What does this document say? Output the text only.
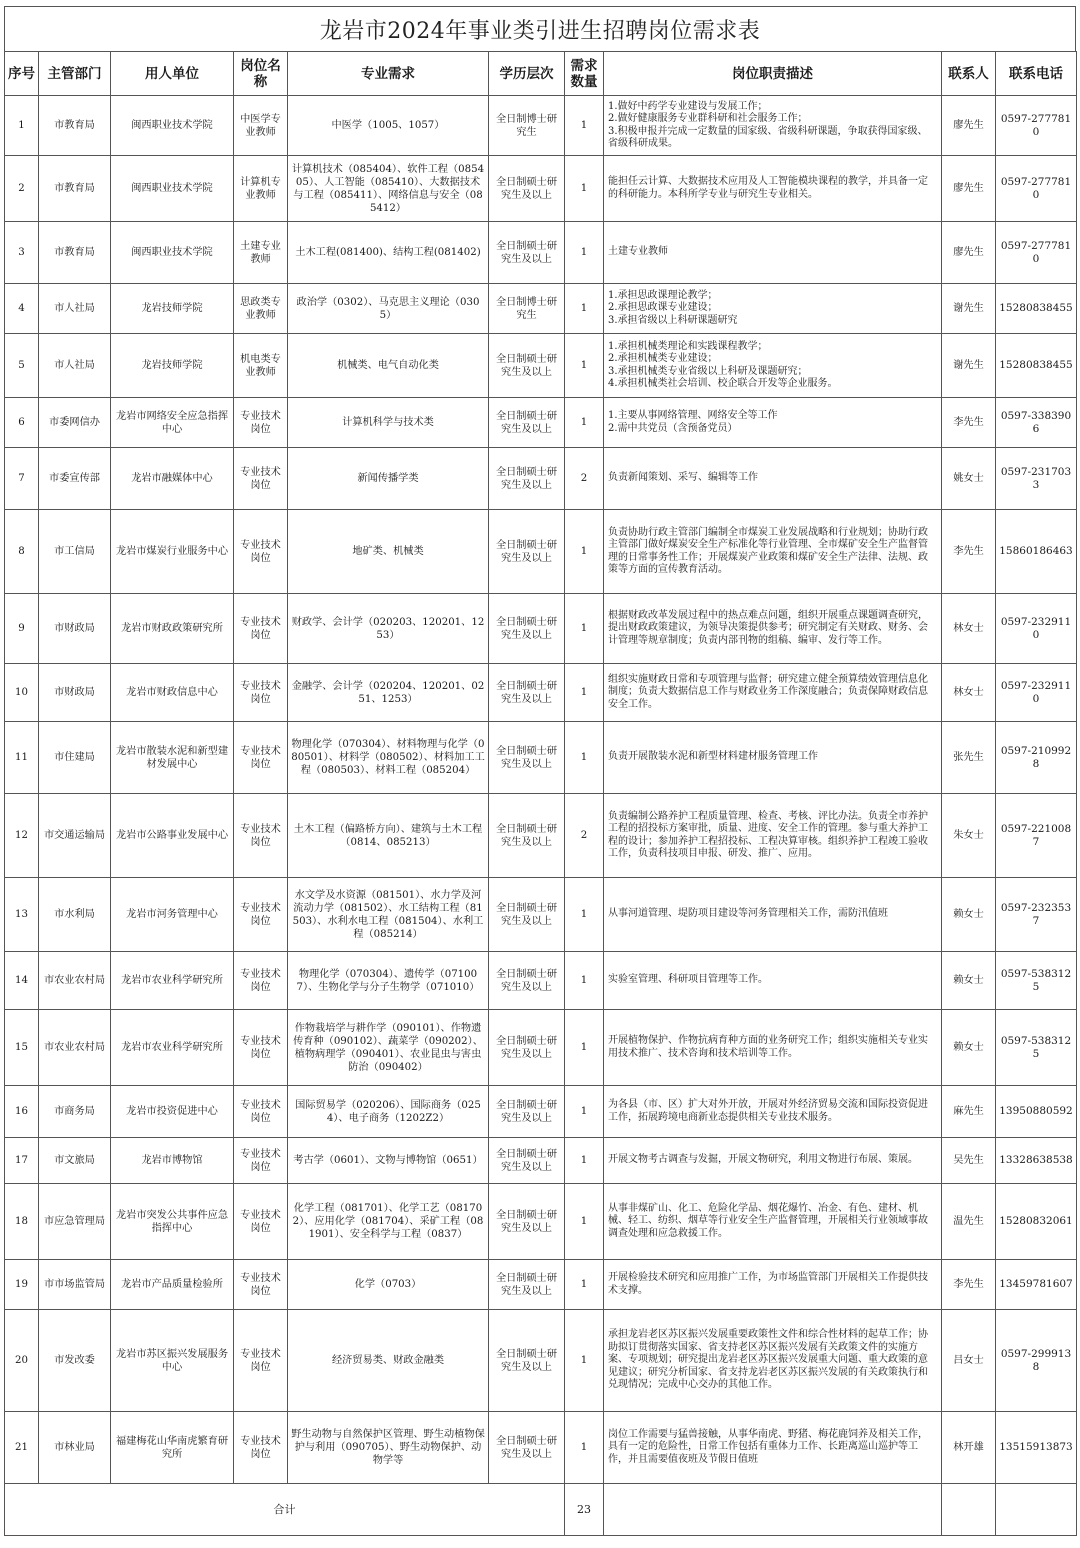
龙岩市2024年事业类引进生招聘岗位需求表
序号	主管部门	用人单位	岗位名称	专业需求	学历层次	需求数量	岗位职责描述	联系人	联系电话
1	市教育局	闽西职业技术学院	中医学专业教师	中医学（1005、1057）	全日制博士研究生	1	1.做好中药学专业建设与发展工作；
2.做好健康服务专业群科研和社会服务工作；
3.积极申报并完成一定数量的国家级、省级科研课题，争取获得国家级、省级科研成果。	廖先生	0597-2777810
2	市教育局	闽西职业技术学院	计算机专业教师	计算机技术（085404）、软件工程（085405）、人工智能（085410）、大数据技术与工程（085411）、网络信息与安全（085412）	全日制硕士研究生及以上	1	能担任云计算、大数据技术应用及人工智能模块课程的教学，并具备一定的科研能力。本科所学专业与研究生专业相关。	廖先生	0597-2777810
3	市教育局	闽西职业技术学院	土建专业教师	土木工程(081400)、结构工程(081402)	全日制硕士研究生及以上	1	土建专业教师	廖先生	0597-2777810
4	市人社局	龙岩技师学院	思政类专业教师	政治学（0302）、马克思主义理论（0305）	全日制博士研究生	1	1.承担思政课理论教学；
2.承担思政课专业建设；
3.承担省级以上科研课题研究	谢先生	15280838455
5	市人社局	龙岩技师学院	机电类专业教师	机械类、电气自动化类	全日制硕士研究生及以上	1	1.承担机械类理论和实践课程教学；
2.承担机械类专业建设；
3.承担机械类专业省级以上科研及课题研究；
4.承担机械类社会培训、校企联合开发等企业服务。	谢先生	15280838455
6	市委网信办	龙岩市网络安全应急指挥中心	专业技术岗位	计算机科学与技术类	全日制硕士研究生及以上	1	1.主要从事网络管理、网络安全等工作
2.需中共党员（含预备党员）	李先生	0597-3383906
7	市委宣传部	龙岩市融媒体中心	专业技术岗位	新闻传播学类	全日制硕士研究生及以上	2	负责新闻策划、采写、编辑等工作	姚女士	0597-2317033
8	市工信局	龙岩市煤炭行业服务中心	专业技术岗位	地矿类、机械类	全日制硕士研究生及以上	1	负责协助行政主管部门编制全市煤炭工业发展战略和行业规划；协助行政主管部门做好煤炭安全生产标准化等行业管理、全市煤矿安全生产监督管理的日常事务性工作；开展煤炭产业政策和煤矿安全生产法律、法规、政策等方面的宣传教育活动。	李先生	15860186463
9	市财政局	龙岩市财政政策研究所	专业技术岗位	财政学、会计学（020203、120201、1253）	全日制硕士研究生及以上	1	根据财政改革发展过程中的热点难点问题，组织开展重点课题调查研究，提出财政政策建议，为领导决策提供参考；研究制定有关财政、财务、会计管理等规章制度；负责内部刊物的组稿、编审、发行等工作。	林女士	0597-2329110
10	市财政局	龙岩市财政信息中心	专业技术岗位	金融学、会计学（020204、120201、0251、1253）	全日制硕士研究生及以上	1	组织实施财政日常和专项管理与监督；研究建立健全预算绩效管理信息化制度；负责大数据信息工作与财政业务工作深度融合；负责保障财政信息安全工作。	林女士	0597-2329110
11	市住建局	龙岩市散装水泥和新型建材发展中心	专业技术岗位	物理化学（070304）、材料物理与化学（080501）、材料学（080502）、材料加工工程（080503）、材料工程（085204）	全日制硕士研究生及以上	1	负责开展散装水泥和新型材料建材服务管理工作	张先生	0597-2109928
12	市交通运输局	龙岩市公路事业发展中心	专业技术岗位	土木工程（偏路桥方向）、建筑与土木工程（0814、085213）	全日制硕士研究生及以上	2	负责编制公路养护工程质量管理、检查、考核、评比办法。负责全市养护工程的招投标方案审批，质量、进度、安全工作的管理。参与重大养护工程的设计；参加养护工程招投标、工程决算审核。组织养护工程竣工验收工作，负责科技项目申报、研发、推广、应用。	朱女士	0597-2210087
13	市水利局	龙岩市河务管理中心	专业技术岗位	水文学及水资源（081501）、水力学及河流动力学（081502）、水工结构工程（81503）、水利水电工程（081504）、水利工程（085214）	全日制硕士研究生及以上	1	从事河道管理、堤防项目建设等河务管理相关工作，需防汛值班	赖女士	0597-2323537
14	市农业农村局	龙岩市农业科学研究所	专业技术岗位	物理化学（070304）、遗传学（071007）、生物化学与分子生物学（071010）	全日制硕士研究生及以上	1	实验室管理、科研项目管理等工作。	赖女士	0597-5383125
15	市农业农村局	龙岩市农业科学研究所	专业技术岗位	作物栽培学与耕作学（090101）、作物遗传育种（090102）、蔬菜学（090202）、植物病理学（090401）、农业昆虫与害虫防治（090402）	全日制硕士研究生及以上	1	开展植物保护、作物抗病育种方面的业务研究工作；组织实施相关专业实用技术推广、技术咨询和技术培训等工作。	赖女士	0597-5383125
16	市商务局	龙岩市投资促进中心	专业技术岗位	国际贸易学（020206）、国际商务（0254）、电子商务（1202Z2）	全日制硕士研究生及以上	1	为各县（市、区）扩大对外开放，开展对外经济贸易交流和国际投资促进工作，拓展跨境电商新业态提供相关专业技术服务。	麻先生	13950880592
17	市文旅局	龙岩市博物馆	专业技术岗位	考古学（0601）、文物与博物馆（0651）	全日制硕士研究生及以上	1	开展文物考古调查与发掘，开展文物研究，利用文物进行布展、策展。	吴先生	13328638538
18	市应急管理局	龙岩市突发公共事件应急指挥中心	专业技术岗位	化学工程（081701）、化学工艺（081702）、应用化学（081704）、采矿工程（081901）、安全科学与工程（0837）	全日制硕士研究生及以上	1	从事非煤矿山、化工、危险化学品、烟花爆竹、冶金、有色、建材、机械、轻工、纺织、烟草等行业安全生产监督管理，开展相关行业领域事故调查处理和应急救援工作。	温先生	15280832061
19	市市场监管局	龙岩市产品质量检验所	专业技术岗位	化学（0703）	全日制硕士研究生及以上	1	开展检验技术研究和应用推广工作，为市场监管部门开展相关工作提供技术支撑。	李先生	13459781607
20	市发改委	龙岩市苏区振兴发展服务中心	专业技术岗位	经济贸易类、财政金融类	全日制硕士研究生及以上	1	承担龙岩老区苏区振兴发展重要政策性文件和综合性材料的起草工作；协助拟订贯彻落实国家、省支持老区苏区振兴发展有关政策文件的实施方案、专项规划；研究提出龙岩老区苏区振兴发展重大问题、重大政策的意见建议；研究分析国家、省支持龙岩老区苏区振兴发展的有关政策执行和兑现情况；完成中心交办的其他工作。	吕女士	0597-2999138
21	市林业局	福建梅花山华南虎繁育研究所	专业技术岗位	野生动物与自然保护区管理、野生动植物保护与利用（090705）、野生动物保护、动物学等	全日制硕士研究生及以上	1	岗位工作需要与猛兽接触，从事华南虎、野猪、梅花鹿饲养及相关工作，具有一定的危险性，日常工作包括有重体力工作、长距离巡山巡护等工作，并且需要值夜班及节假日值班	林开雄	13515913873
合计						23			
